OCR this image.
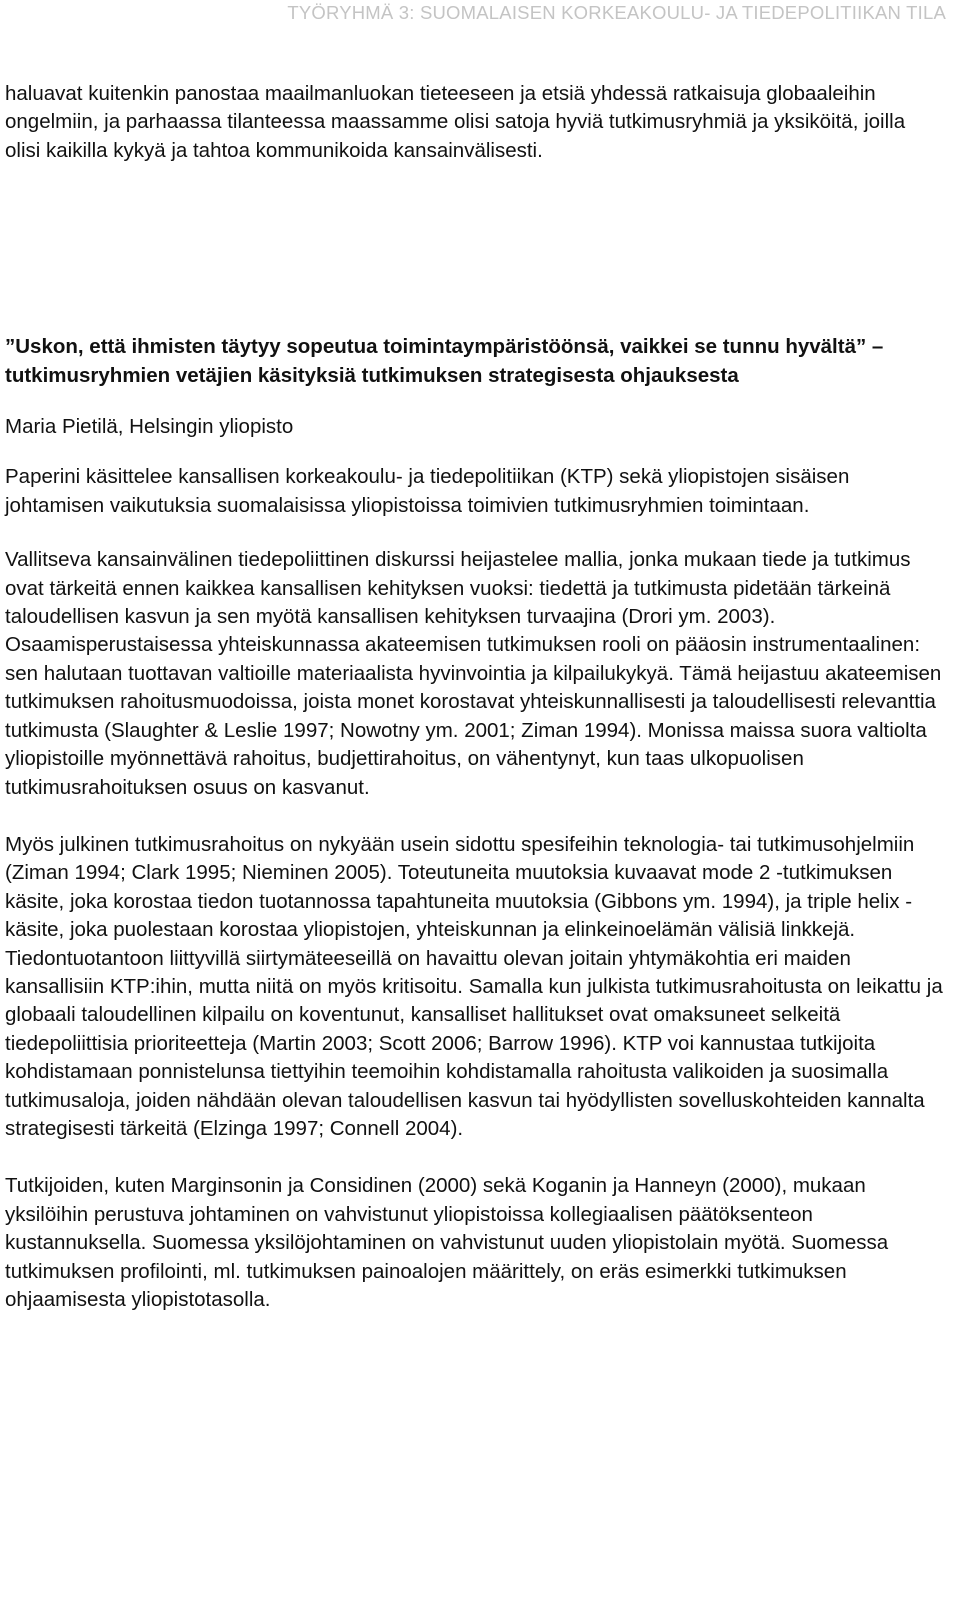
TYÖRYHMÄ 3: SUOMALAISEN KORKEAKOULU- JA TIEDEPOLITIIKAN TILA

haluavat kuitenkin panostaa maailmanluokan tieteeseen ja etsiä yhdessä ratkaisuja globaaleihin ongelmiin, ja parhaassa tilanteessa maassamme olisi satoja hyviä tutkimusryhmiä ja yksiköitä, joilla olisi kaikilla kykyä ja tahtoa kommunikoida kansainvälisesti.

”Uskon, että ihmisten täytyy sopeutua toimintaympäristöönsä, vaikkei se tunnu hyvältä” – tutkimusryhmien vetäjien käsityksiä tutkimuksen strategisesta ohjauksesta

Maria Pietilä, Helsingin yliopisto

Paperini käsittelee kansallisen korkeakoulu- ja tiedepolitiikan (KTP) sekä yliopistojen sisäisen johtamisen vaikutuksia suomalaisissa yliopistoissa toimivien tutkimusryhmien toimintaan.

Vallitseva kansainvälinen tiedepoliittinen diskurssi heijastelee mallia, jonka mukaan tiede ja tutkimus ovat tärkeitä ennen kaikkea kansallisen kehityksen vuoksi: tiedettä ja tutkimusta pidetään tärkeinä taloudellisen kasvun ja sen myötä kansallisen kehityksen turvaajina (Drori ym. 2003). Osaamisperustaisessa yhteiskunnassa akateemisen tutkimuksen rooli on pääosin instrumentaalinen: sen halutaan tuottavan valtioille materiaalista hyvinvointia ja kilpailukykyä. Tämä heijastuu akateemisen tutkimuksen rahoitusmuodoissa, joista monet korostavat yhteiskunnallisesti ja taloudellisesti relevanttia tutkimusta (Slaughter & Leslie 1997; Nowotny ym. 2001; Ziman 1994). Monissa maissa suora valtiolta yliopistoille myönnettävä rahoitus, budjettirahoitus, on vähentynyt, kun taas ulkopuolisen tutkimusrahoituksen osuus on kasvanut.

Myös julkinen tutkimusrahoitus on nykyään usein sidottu spesifeihin teknologia- tai tutkimusohjelmiin (Ziman 1994; Clark 1995; Nieminen 2005). Toteutuneita muutoksia kuvaavat mode 2 -tutkimuksen käsite, joka korostaa tiedon tuotannossa tapahtuneita muutoksia (Gibbons ym. 1994), ja triple helix -käsite, joka puolestaan korostaa yliopistojen, yhteiskunnan ja elinkeinoelämän välisiä linkkejä. Tiedontuotantoon liittyvillä siirtymäteeseillä on havaittu olevan joitain yhtymäkohtia eri maiden kansallisiin KTP:ihin, mutta niitä on myös kritisoitu. Samalla kun julkista tutkimusrahoitusta on leikattu ja globaali taloudellinen kilpailu on koventunut, kansalliset hallitukset ovat omaksuneet selkeitä tiedepoliittisia prioriteetteja (Martin 2003; Scott 2006; Barrow 1996). KTP voi kannustaa tutkijoita kohdistamaan ponnistelunsa tiettyihin teemoihin kohdistamalla rahoitusta valikoiden ja suosimalla tutkimusaloja, joiden nähdään olevan taloudellisen kasvun tai hyödyllisten sovelluskohteiden kannalta strategisesti tärkeitä (Elzinga 1997; Connell 2004).

Tutkijoiden, kuten Marginsonin ja Considinen (2000) sekä Koganin ja Hanneyn (2000), mukaan yksilöihin perustuva johtaminen on vahvistunut yliopistoissa kollegiaalisen päätöksenteon kustannuksella. Suomessa yksilöjohtaminen on vahvistunut uuden yliopistolain myötä. Suomessa tutkimuksen profilointi, ml. tutkimuksen painoalojen määrittely, on eräs esimerkki tutkimuksen ohjaamisesta yliopistotasolla.
